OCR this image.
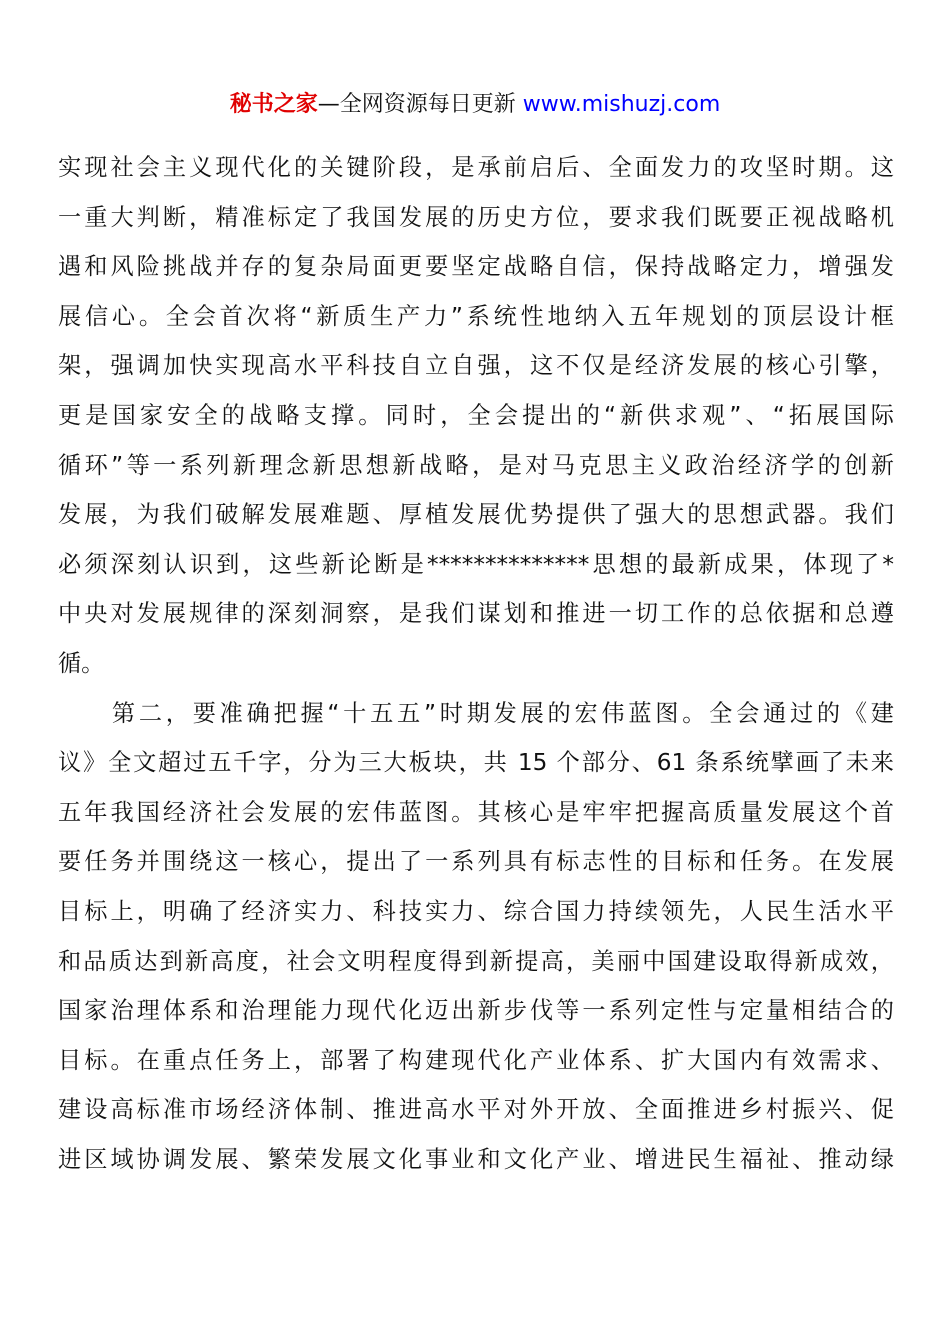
秘书之家—全网资源每日更新 www.mishuzj.com
实现社会主义现代化的关键阶段，是承前启后、全面发力的攻坚时期。这
一重大判断，精准标定了我国发展的历史方位，要求我们既要正视战略机
遇和风险挑战并存的复杂局面更要坚定战略自信，保持战略定力，增强发
展信心。全会首次将“新质生产力”系统性地纳入五年规划的顶层设计框
架，强调加快实现高水平科技自立自强，这不仅是经济发展的核心引擎，
更是国家安全的战略支撑。同时，全会提出的“新供求观”、“拓展国际
循环”等一系列新理念新思想新战略，是对马克思主义政治经济学的创新
发展，为我们破解发展难题、厚植发展优势提供了强大的思想武器。我们
必须深刻认识到，这些新论断是**************思想的最新成果，体现了*
中央对发展规律的深刻洞察，是我们谋划和推进一切工作的总依据和总遵
循。
　　第二，要准确把握“十五五”时期发展的宏伟蓝图。全会通过的《建
议》全文超过五千字，分为三大板块，共 15 个部分、61 条系统擘画了未来
五年我国经济社会发展的宏伟蓝图。其核心是牢牢把握高质量发展这个首
要任务并围绕这一核心，提出了一系列具有标志性的目标和任务。在发展
目标上，明确了经济实力、科技实力、综合国力持续领先，人民生活水平
和品质达到新高度，社会文明程度得到新提高，美丽中国建设取得新成效，
国家治理体系和治理能力现代化迈出新步伐等一系列定性与定量相结合的
目标。在重点任务上，部署了构建现代化产业体系、扩大国内有效需求、
建设高标准市场经济体制、推进高水平对外开放、全面推进乡村振兴、促
进区域协调发展、繁荣发展文化事业和文化产业、增进民生福祉、推动绿
